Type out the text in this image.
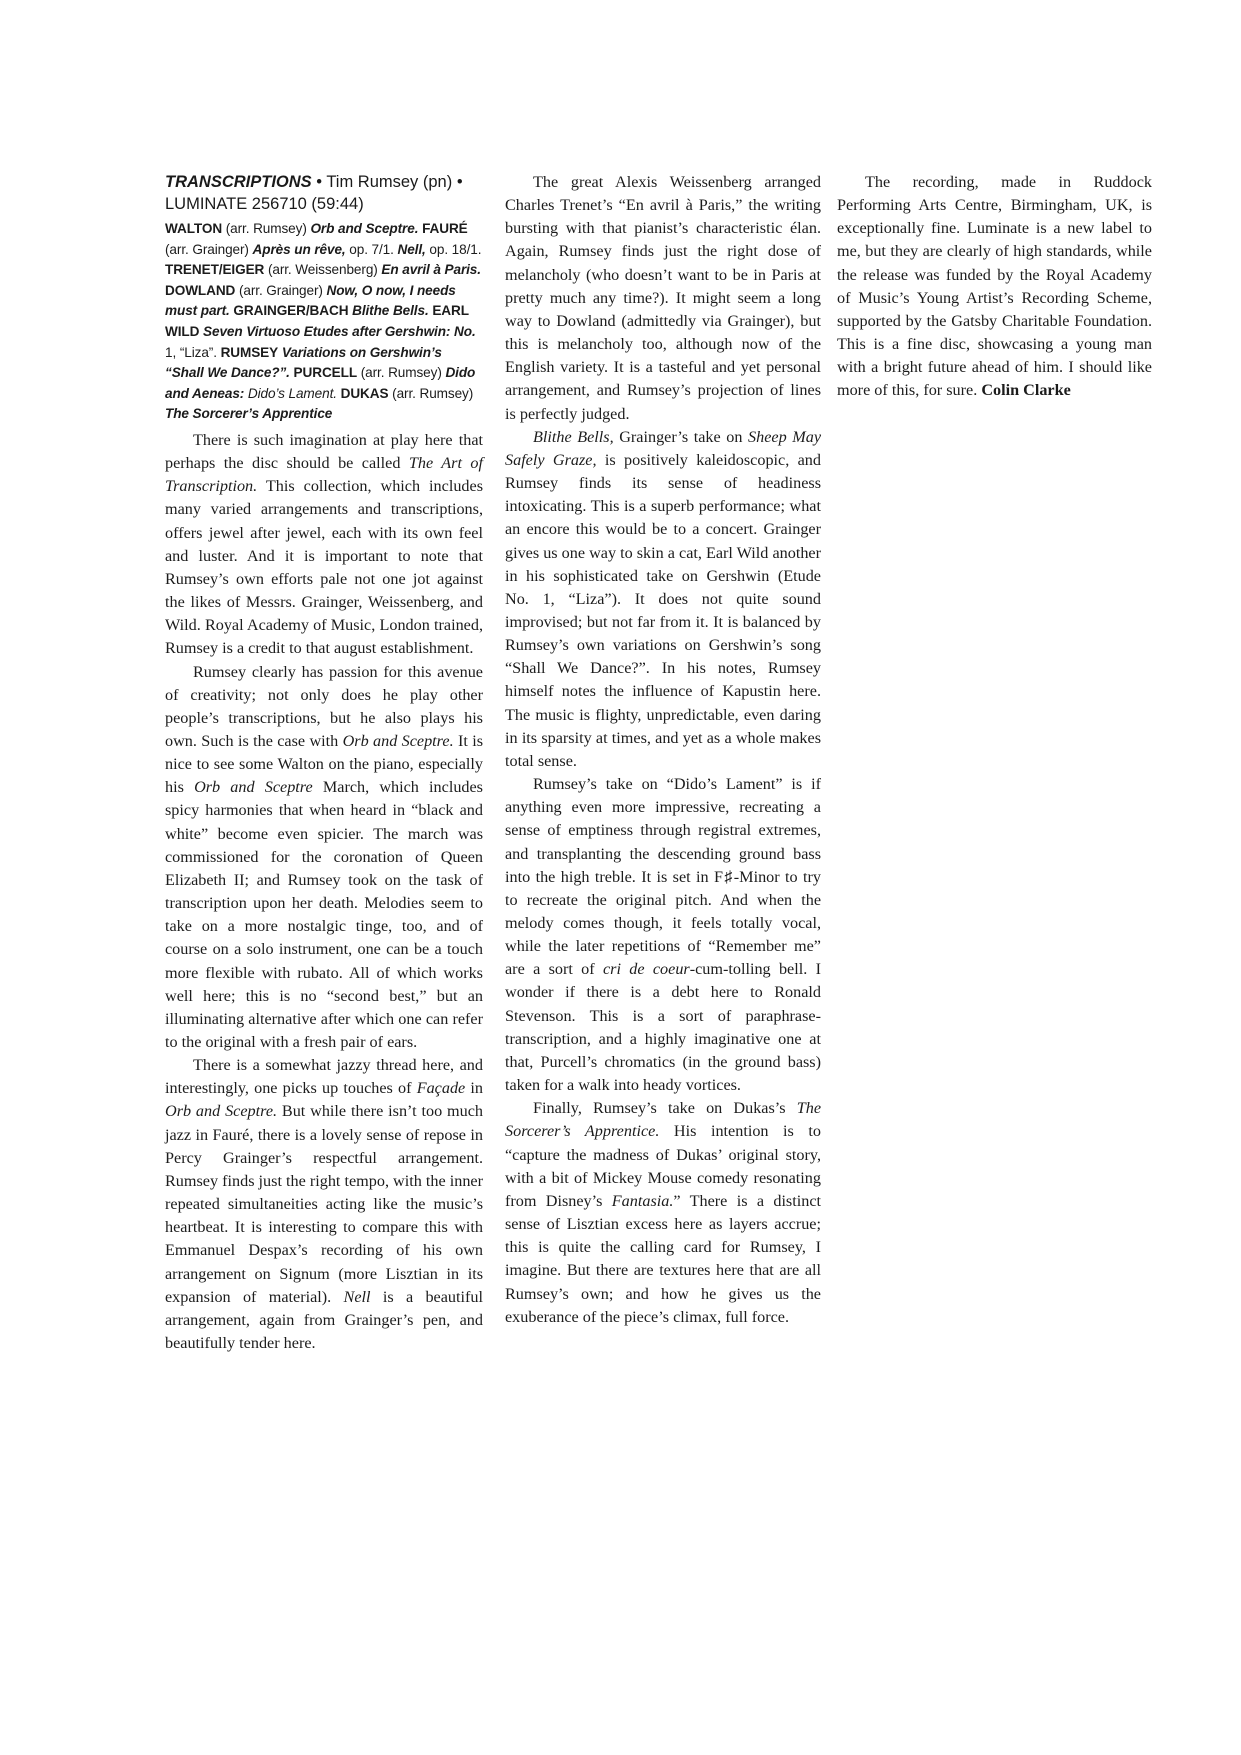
TRANSCRIPTIONS • Tim Rumsey (pn) • LUMINATE 256710 (59:44)
WALTON (arr. Rumsey) Orb and Sceptre. FAURÉ (arr. Grainger) Après un rêve, op. 7/1. Nell, op. 18/1. TRENET/EIGER (arr. Weissenberg) En avril à Paris. DOWLAND (arr. Grainger) Now, O now, I needs must part. GRAINGER/BACH Blithe Bells. EARL WILD Seven Virtuoso Etudes after Gershwin: No. 1, “Liza”. RUMSEY Variations on Gershwin’s “Shall We Dance?”. PURCELL (arr. Rumsey) Dido and Aeneas: Dido’s Lament. DUKAS (arr. Rumsey) The Sorcerer’s Apprentice

There is such imagination at play here that perhaps the disc should be called The Art of Transcription. This collection, which includes many varied arrangements and transcriptions, offers jewel after jewel, each with its own feel and luster. And it is important to note that Rumsey’s own efforts pale not one jot against the likes of Messrs. Grainger, Weissenberg, and Wild. Royal Academy of Music, London trained, Rumsey is a credit to that august establishment.

Rumsey clearly has passion for this avenue of creativity; not only does he play other people’s transcriptions, but he also plays his own. Such is the case with Orb and Sceptre. It is nice to see some Walton on the piano, especially his Orb and Sceptre March, which includes spicy harmonies that when heard in “black and white” become even spicier. The march was commissioned for the coronation of Queen Elizabeth II; and Rumsey took on the task of transcription upon her death. Melodies seem to take on a more nostalgic tinge, too, and of course on a solo instrument, one can be a touch more flexible with rubato. All of which works well here; this is no “second best,” but an illuminating alternative after which one can refer to the original with a fresh pair of ears.

There is a somewhat jazzy thread here, and interestingly, one picks up touches of Façade in Orb and Sceptre. But while there isn’t too much jazz in Fauré, there is a lovely sense of repose in Percy Grainger’s respectful arrangement. Rumsey finds just the right tempo, with the inner repeated simultaneities acting like the music’s heartbeat. It is interesting to compare this with Emmanuel Despax’s recording of his own arrangement on Signum (more Lisztian in its expansion of material). Nell is a beautiful arrangement, again from Grainger’s pen, and beautifully tender here.

The great Alexis Weissenberg arranged Charles Trenet’s “En avril à Paris,” the writing bursting with that pianist’s characteristic élan. Again, Rumsey finds just the right dose of melancholy (who doesn’t want to be in Paris at pretty much any time?). It might seem a long way to Dowland (admittedly via Grainger), but this is melancholy too, although now of the English variety. It is a tasteful and yet personal arrangement, and Rumsey’s projection of lines is perfectly judged.

Blithe Bells, Grainger’s take on Sheep May Safely Graze, is positively kaleidoscopic, and Rumsey finds its sense of headiness intoxicating. This is a superb performance; what an encore this would be to a concert. Grainger gives us one way to skin a cat, Earl Wild another in his sophisticated take on Gershwin (Etude No. 1, “Liza”). It does not quite sound improvised; but not far from it. It is balanced by Rumsey’s own variations on Gershwin’s song “Shall We Dance?”. In his notes, Rumsey himself notes the influence of Kapustin here. The music is flighty, unpredictable, even daring in its sparsity at times, and yet as a whole makes total sense.

Rumsey’s take on “Dido’s Lament” is if anything even more impressive, recreating a sense of emptiness through registral extremes, and transplanting the descending ground bass into the high treble. It is set in F♯-Minor to try to recreate the original pitch. And when the melody comes though, it feels totally vocal, while the later repetitions of “Remember me” are a sort of cri de coeur-cum-tolling bell. I wonder if there is a debt here to Ronald Stevenson. This is a sort of paraphrase-transcription, and a highly imaginative one at that, Purcell’s chromatics (in the ground bass) taken for a walk into heady vortices.

Finally, Rumsey’s take on Dukas’s The Sorcerer’s Apprentice. His intention is to “capture the madness of Dukas’ original story, with a bit of Mickey Mouse comedy resonating from Disney’s Fantasia.” There is a distinct sense of Lisztian excess here as layers accrue; this is quite the calling card for Rumsey, I imagine. But there are textures here that are all Rumsey’s own; and how he gives us the exuberance of the piece’s climax, full force.

The recording, made in Ruddock Performing Arts Centre, Birmingham, UK, is exceptionally fine. Luminate is a new label to me, but they are clearly of high standards, while the release was funded by the Royal Academy of Music’s Young Artist’s Recording Scheme, supported by the Gatsby Charitable Foundation. This is a fine disc, showcasing a young man with a bright future ahead of him. I should like more of this, for sure. Colin Clarke
